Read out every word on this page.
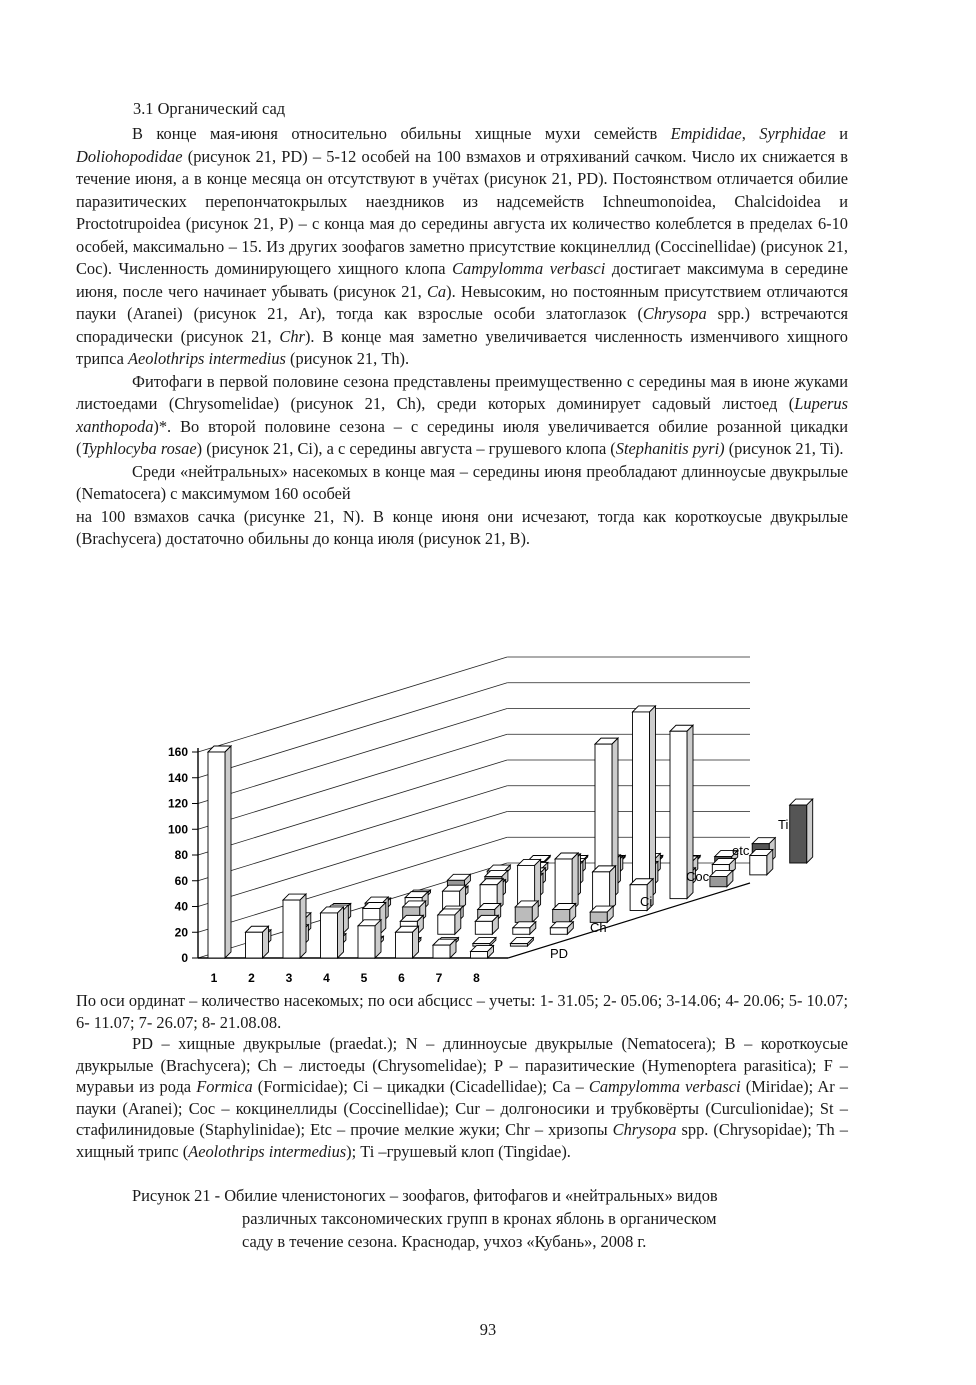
3.1 Органический сад

В конце мая-июня относительно обильны хищные мухи семейств Empididae, Syrphidae и Doliohopodidae (рисунок 21, PD) – 5-12 особей на 100 взмахов и отряхиваний сачком. Число их снижается в течение июня, а в конце месяца он отсутствуют в учётах (рисунок 21, PD). Постоянством отличается обилие паразитических перепончатокрылых наездников из надсемейств Ichneumonoidea, Chalcidoidea и Proctotrupoidea (рисунок 21, P) – с конца мая до середины августа их количество колеблется в пределах 6-10 особей, максимально – 15. Из других зоофагов заметно присутствие кокцинеллид (Coccinellidae) (рисунок 21, Coc). Численность доминирующего хищного клопа Campylomma verbasci достигает максимума в середине июня, после чего начинает убывать (рисунок 21, Ca). Невысоким, но постоянным присутствием отличаются пауки (Aranei) (рисунок 21, Ar), тогда как взрослые особи златоглазок (Chrysopa spp.) встречаются спорадически (рисунок 21, Chr). В конце мая заметно увеличивается численность изменчивого хищного трипса Aeolothrips intermedius (рисунок 21, Th).

Фитофаги в первой половине сезона представлены преимущественно с середины мая в июне жуками листоедами (Chrysomelidae) (рисунок 21, Ch), среди которых доминирует садовый листоед (Luperus xanthopoda)*. Во второй половине сезона – с середины июля увеличивается обилие розанной цикадки (Typhlocyba rosae) (рисунок 21, Ci), а с середины августа – грушевого клопа (Stephanitis pyri) (рисунок 21, Ti).

Среди «нейтральных» насекомых в конце мая – середины июня преобладают длинноусые двукрылые (Nematocera) с максимумом 160 особей

на 100 взмахов сачка (рисунке 21, N). В конце июня они исчезают, тогда как короткоусые двукрылые (Brachycera) достаточно обильны до конца июля (рисунок 21, B).

0
20
40
60
80
100
120
140
160
1	2	3	4	5	6	7	8
PD
Ch
Ci
Coc
etc
Ti
По оси ординат – количество насекомых; по оси абсцисс – учеты: 1- 31.05; 2- 05.06; 3-14.06; 4- 20.06; 5- 10.07; 6- 11.07; 7- 26.07; 8- 21.08.08.
PD – хищные двукрылые (praedat.); N – длинноусые двукрылые (Nematocera); B – короткоусые двукрылые (Brachycera); Ch – листоеды (Chrysomelidae); P – паразитические (Hymenoptera parasitica); F – муравьи из рода Formica (Formicidae); Ci – цикадки (Cicadellidae); Ca – Campylomma verbasci (Miridae); Ar – пауки (Aranei); Coc – кокцинеллиды (Coccinellidae); Cur – долгоносики и трубковёрты (Curculionidae); St – стафилинидовые (Staphylinidae); Etc – прочие мелкие жуки; Chr – хризопы Chrysopa spp. (Chrysopidae); Th – хищный трипс (Aeolothrips intermedius); Ti –грушевый клоп (Tingidae).
Рисунок 21 - Обилие членистоногих – зоофагов, фитофагов и «нейтральных» видов
различных таксономических групп в кронах яблонь в органическом
саду в течение сезона. Краснодар, учхоз «Кубань», 2008 г.
93
